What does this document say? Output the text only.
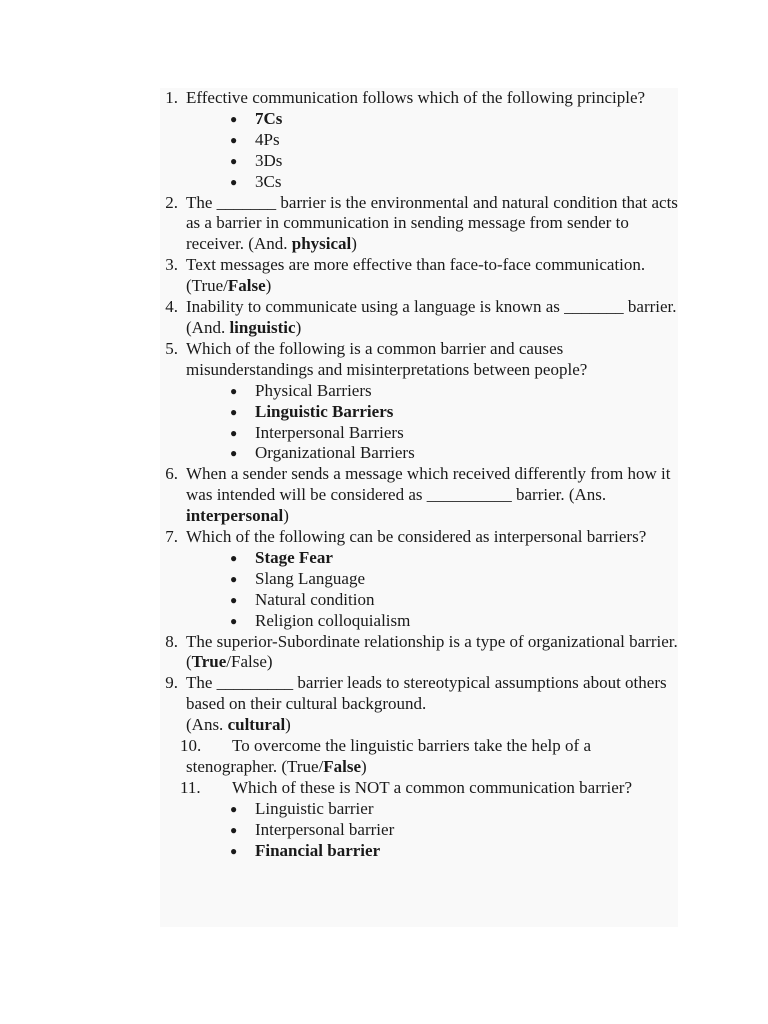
1. Effective communication follows which of the following principle?
● 7Cs
● 4Ps
● 3Ds
● 3Cs
2. The _______ barrier is the environmental and natural condition that acts as a barrier in communication in sending message from sender to receiver. (And. physical)
3. Text messages are more effective than face-to-face communication. (True/False)
4. Inability to communicate using a language is known as _______ barrier. (And. linguistic)
5. Which of the following is a common barrier and causes misunderstandings and misinterpretations between people?
● Physical Barriers
● Linguistic Barriers
● Interpersonal Barriers
● Organizational Barriers
6. When a sender sends a message which received differently from how it was intended will be considered as __________ barrier. (Ans. interpersonal)
7. Which of the following can be considered as interpersonal barriers?
● Stage Fear
● Slang Language
● Natural condition
● Religion colloquialism
8. The superior-Subordinate relationship is a type of organizational barrier. (True/False)
9. The _________ barrier leads to stereotypical assumptions about others based on their cultural background.
(Ans. cultural)
10. To overcome the linguistic barriers take the help of a stenographer. (True/False)
11. Which of these is NOT a common communication barrier?
● Linguistic barrier
● Interpersonal barrier
● Financial barrier
